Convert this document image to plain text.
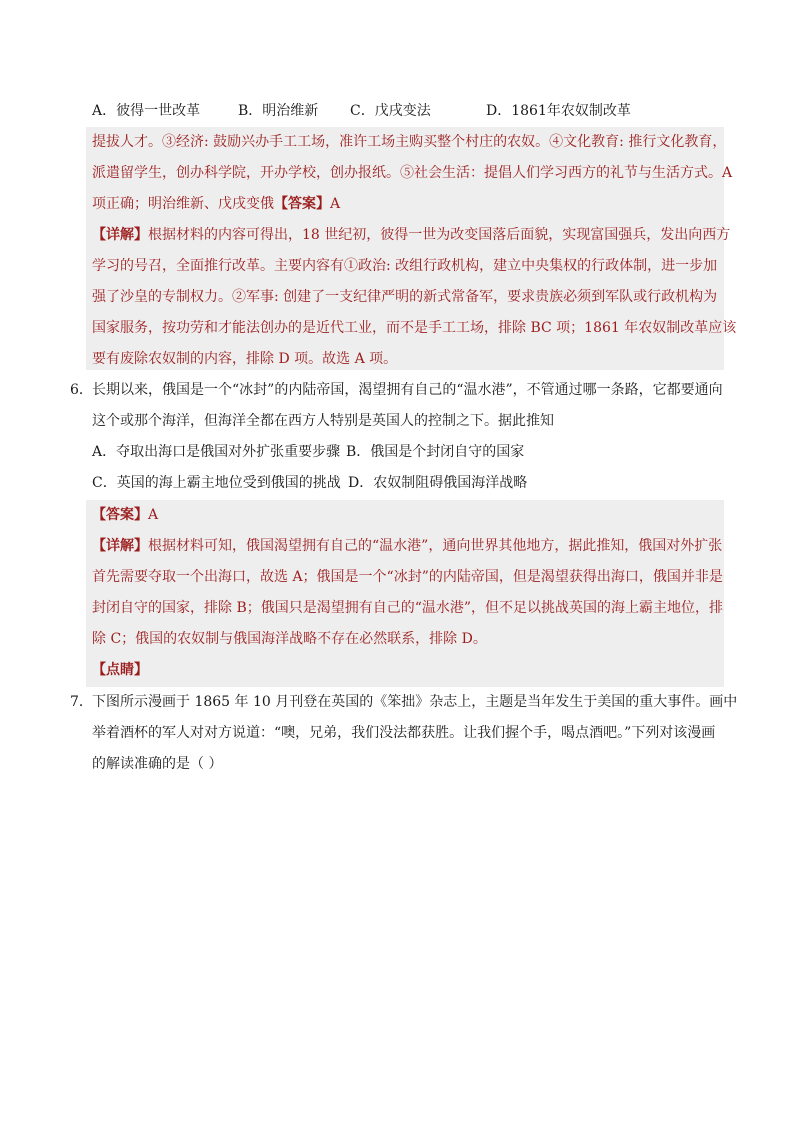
A．彼得一世改革	B．明治维新 C．戊戌变法	D．1861年农奴制改革
提拔人才。③经济: 鼓励兴办手工工场，准许工场主购买整个村庄的农奴。④文化教育: 推行文化教育，
派遣留学生，创办科学院，开办学校，创办报纸。⑤社会生活：提倡人们学习西方的礼节与生活方式。A
项正确；明治维新、戊戌变俄【答案】A
【详解】根据材料的内容可得出，18 世纪初，彼得一世为改变国落后面貌，实现富国强兵，发出向西方
学习的号召，全面推行改革。主要内容有①政治: 改组行政机构，建立中央集权的行政体制，进一步加
强了沙皇的专制权力。②军事: 创建了一支纪律严明的新式常备军，要求贵族必须到军队或行政机构为
国家服务，按功劳和才能法创办的是近代工业，而不是手工工场，排除 BC 项；1861 年农奴制改革应该
要有废除农奴制的内容，排除 D 项。故选 A 项。
6． 长期以来，俄国是一个“冰封”的内陆帝国，渴望拥有自己的“温水港”，不管通过哪一条路，它都要通向
这个或那个海洋，但海洋全都在西方人特别是英国人的控制之下。据此推知
A．夺取出海口是俄国对外扩张重要步骤 B．俄国是个封闭自守的国家
C．英国的海上霸主地位受到俄国的挑战 D．农奴制阻碍俄国海洋战略
【答案】A
【详解】根据材料可知，俄国渴望拥有自己的“温水港”，通向世界其他地方，据此推知，俄国对外扩张
首先需要夺取一个出海口，故选 A；俄国是一个“冰封”的内陆帝国，但是渴望获得出海口，俄国并非是
封闭自守的国家，排除 B；俄国只是渴望拥有自己的“温水港”，但不足以挑战英国的海上霸主地位，排
除 C；俄国的农奴制与俄国海洋战略不存在必然联系，排除 D。
【点睛】
7． 下图所示漫画于 1865 年 10 月刊登在英国的《笨拙》杂志上，主题是当年发生于美国的重大事件。画中
举着酒杯的军人对对方说道：“噢，兄弟，我们没法都获胜。让我们握个手，喝点酒吧。”下列对该漫画
的解读准确的是（ ）
